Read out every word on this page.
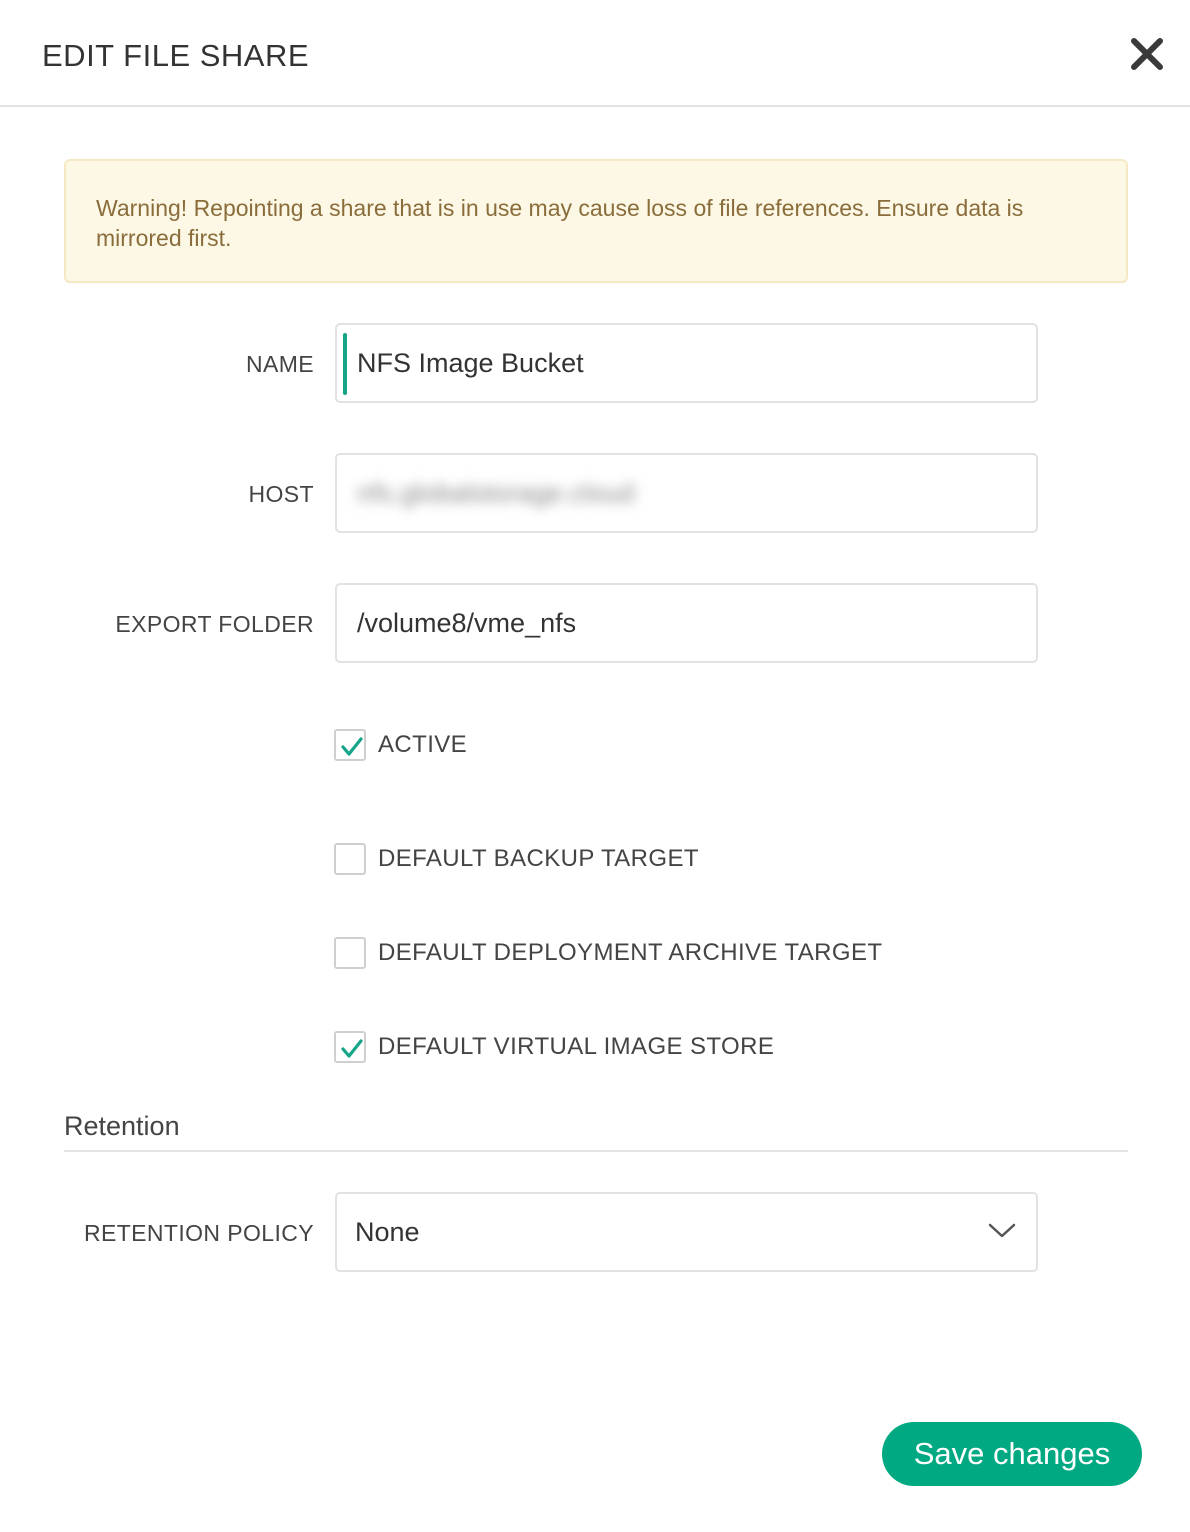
EDIT FILE SHARE
Warning! Repointing a share that is in use may cause loss of file references. Ensure data is mirrored first.
NAME	NFS Image Bucket
HOST	nfs.globalstorage.cloud
EXPORT FOLDER	/volume8/vme_nfs
ACTIVE
DEFAULT BACKUP TARGET
DEFAULT DEPLOYMENT ARCHIVE TARGET
DEFAULT VIRTUAL IMAGE STORE
Retention
RETENTION POLICY	None
Save changes
